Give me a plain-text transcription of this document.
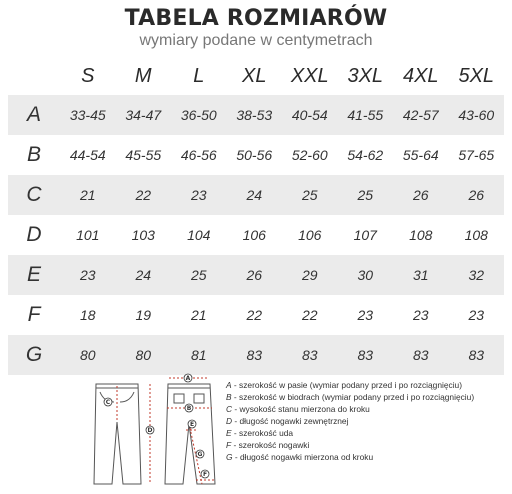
TABELA ROZMIARÓW
wymiary podane w centymetrach
	S	M	L	XL	XXL	3XL	4XL	5XL
A	33-45	34-47	36-50	38-53	40-54	41-55	42-57	43-60
B	44-54	45-55	46-56	50-56	52-60	54-62	55-64	57-65
C	21	22	23	24	25	25	26	26
D	101	103	104	106	106	107	108	108
E	23	24	25	26	29	30	31	32
F	18	19	21	22	22	23	23	23
G	80	80	81	83	83	83	83	83
A
B
C
D
E
F
G

A - szerokość w pasie (wymiar podany przed i po rozciągnięciu)

B - szerokość w biodrach (wymiar podany przed i po rozciągnięciu)

C - wysokość stanu mierzona do kroku

D - długość nogawki zewnętrznej

E - szerokość uda

F - szerokość nogawki

G - długość nogawki mierzona od kroku
